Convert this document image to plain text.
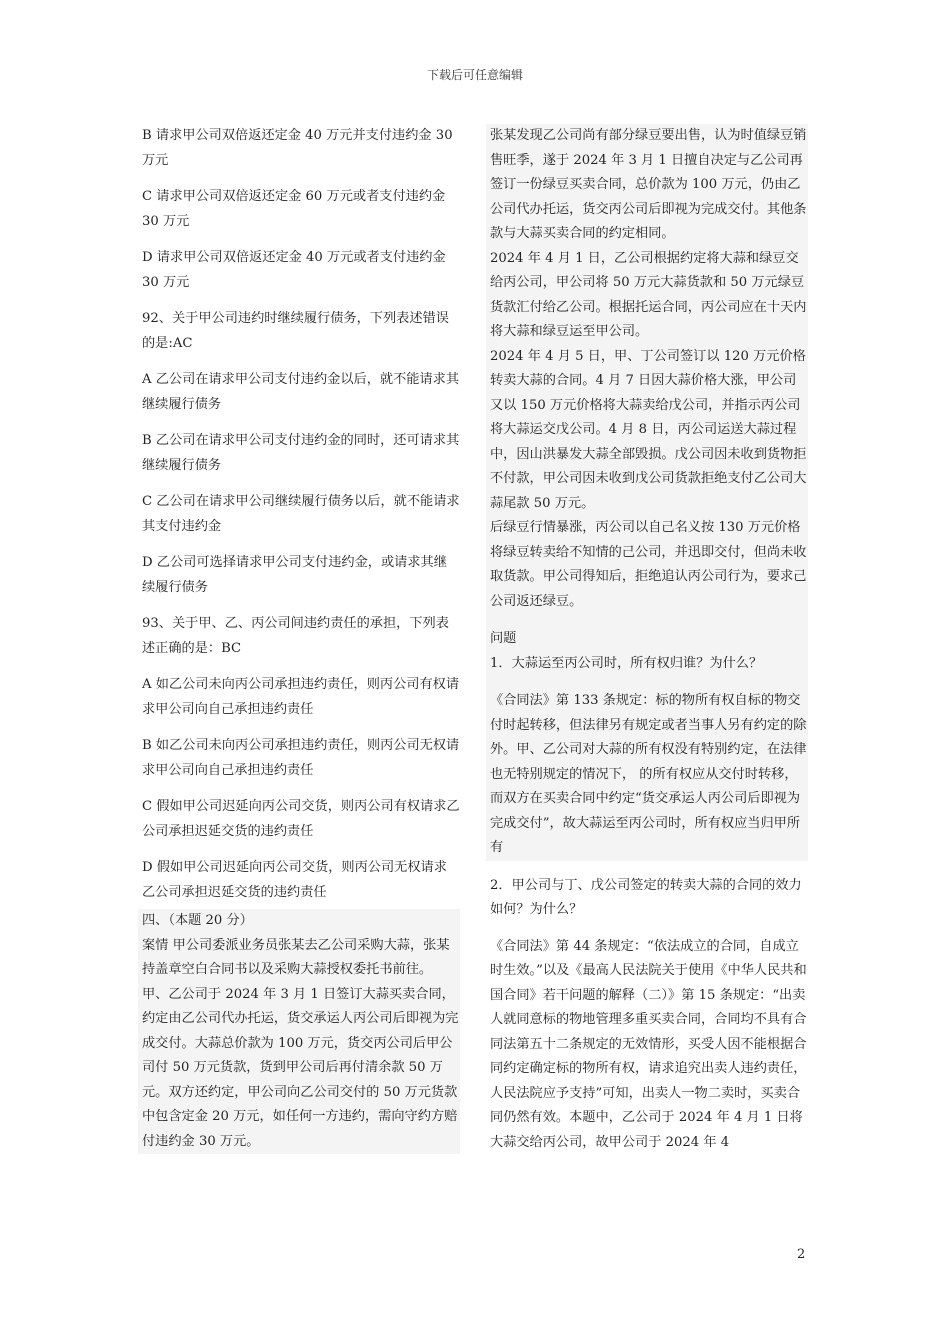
下载后可任意编辑

B 请求甲公司双倍返还定金 40 万元并支付违约金 30 万元

C 请求甲公司双倍返还定金 60 万元或者支付违约金 30 万元

D 请求甲公司双倍返还定金 40 万元或者支付违约金 30 万元

92、关于甲公司违约时继续履行债务，下列表述错误的是:AC

A 乙公司在请求甲公司支付违约金以后，就不能请求其继续履行债务

B 乙公司在请求甲公司支付违约金的同时，还可请求其继续履行债务

C 乙公司在请求甲公司继续履行债务以后，就不能请求其支付违约金

D 乙公司可选择请求甲公司支付违约金，或请求其继续履行债务

93、关于甲、乙、丙公司间违约责任的承担，下列表述正确的是：BC

A 如乙公司未向丙公司承担违约责任，则丙公司有权请求甲公司向自己承担违约责任

B 如乙公司未向丙公司承担违约责任，则丙公司无权请求甲公司向自己承担违约责任

C 假如甲公司迟延向丙公司交货，则丙公司有权请求乙公司承担迟延交货的违约责任

D 假如甲公司迟延向丙公司交货，则丙公司无权请求乙公司承担迟延交货的违约责任

四、（本题 20 分）

案情 甲公司委派业务员张某去乙公司采购大蒜，张某持盖章空白合同书以及采购大蒜授权委托书前往。

甲、乙公司于 2024 年 3 月 1 日签订大蒜买卖合同，约定由乙公司代办托运，货交承运人丙公司后即视为完成交付。大蒜总价款为 100 万元，货交丙公司后甲公司付 50 万元货款，货到甲公司后再付清余款 50 万元。双方还约定，甲公司向乙公司交付的 50 万元货款中包含定金 20 万元，如任何一方违约，需向守约方赔付违约金 30 万元。

张某发现乙公司尚有部分绿豆要出售，认为时值绿豆销售旺季，遂于 2024 年 3 月 1 日擅自决定与乙公司再签订一份绿豆买卖合同，总价款为 100 万元，仍由乙公司代办托运，货交丙公司后即视为完成交付。其他条款与大蒜买卖合同的约定相同。

2024 年 4 月 1 日，乙公司根据约定将大蒜和绿豆交给丙公司，甲公司将 50 万元大蒜货款和 50 万元绿豆货款汇付给乙公司。根据托运合同，丙公司应在十天内将大蒜和绿豆运至甲公司。

2024 年 4 月 5 日，甲、丁公司签订以 120 万元价格转卖大蒜的合同。4 月 7 日因大蒜价格大涨，甲公司又以 150 万元价格将大蒜卖给戊公司，并指示丙公司将大蒜运交戊公司。4 月 8 日，丙公司运送大蒜过程中，因山洪暴发大蒜全部毁损。戊公司因未收到货物拒不付款，甲公司因未收到戊公司货款拒绝支付乙公司大蒜尾款 50 万元。

后绿豆行情暴涨，丙公司以自己名义按 130 万元价格将绿豆转卖给不知情的己公司，并迅即交付，但尚未收取货款。甲公司得知后，拒绝追认丙公司行为，要求己公司返还绿豆。

问题

1．大蒜运至丙公司时，所有权归谁？为什么？

《合同法》第 133 条规定：标的物所有权自标的物交付时起转移，但法律另有规定或者当事人另有约定的除外。甲、乙公司对大蒜的所有权没有特别约定，在法律也无特别规定的情况下， 的所有权应从交付时转移，而双方在买卖合同中约定“货交承运人丙公司后即视为完成交付”，故大蒜运至丙公司时，所有权应当归甲所有

2．甲公司与丁、戊公司签定的转卖大蒜的合同的效力如何？为什么？

《合同法》第 44 条规定：“依法成立的合同，自成立时生效。”以及《最高人民法院关于使用《中华人民共和国合同》若干问题的解释（二）》第 15 条规定：“出卖人就同意标的物地管理多重买卖合同，合同均不具有合同法第五十二条规定的无效情形，买受人因不能根据合同约定确定标的物所有权，请求追究出卖人违约责任，人民法院应予支持”可知，出卖人一物二卖时，买卖合同仍然有效。本题中，乙公司于 2024 年 4 月 1 日将大蒜交给丙公司，故甲公司于 2024 年 4

2
